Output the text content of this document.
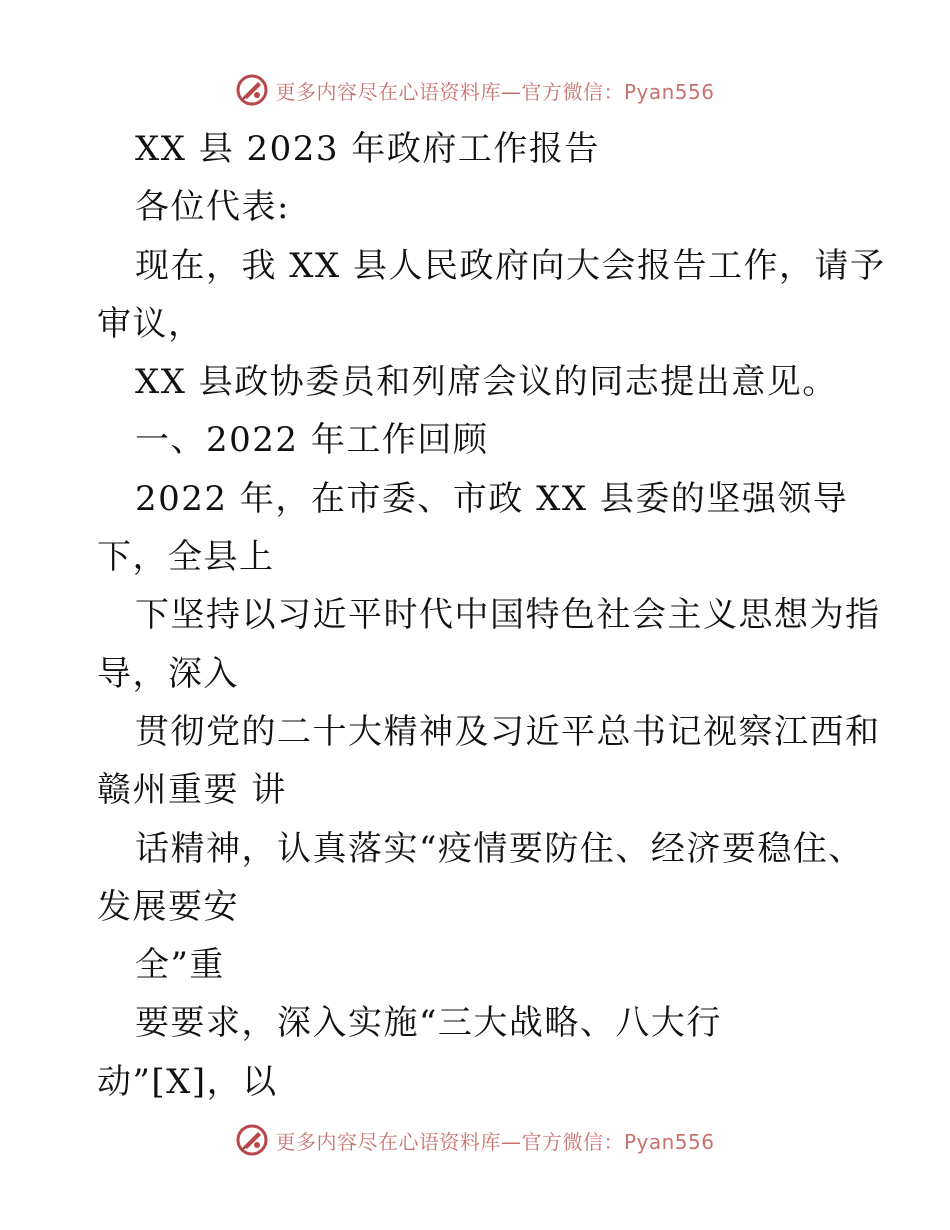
更多内容尽在心语资料库—官方微信：Pyan556
XX 县 2023 年政府工作报告
各位代表:
现在，我 XX 县人民政府向大会报告工作，请予
审议，
XX 县政协委员和列席会议的同志提出意见。
一、2022 年工作回顾
2022 年，在市委、市政 XX 县委的坚强领导
下，全县上
下坚持以习近平时代中国特色社会主义思想为指
导，深入
贯彻党的二十大精神及习近平总书记视察江西和
赣州重要 讲
话精神，认真落实“疫情要防住、经济要稳住、
发展要安
全”重
要要求，深入实施“三大战略、八大行
动”[X]，以
更多内容尽在心语资料库—官方微信：Pyan556
